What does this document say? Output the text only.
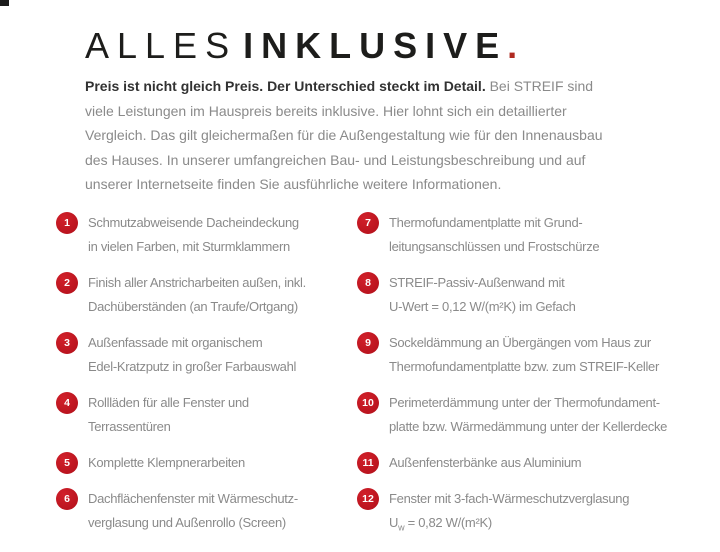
ALLES INKLUSIVE.

Preis ist nicht gleich Preis. Der Unterschied steckt im Detail. Bei STREIF sind viele Leistungen im Hauspreis bereits inklusive. Hier lohnt sich ein detaillierter Vergleich. Das gilt gleichermaßen für die Außengestaltung wie für den Innenausbau des Hauses. In unserer umfangreichen Bau- und Leistungsbeschreibung und auf unserer Internetseite finden Sie ausführliche weitere Informationen.

1	Schmutzabweisende Dacheindeckung
in vielen Farben, mit Sturmklammern
2	Finish aller Anstricharbeiten außen, inkl.
Dachüberständen (an Traufe/Ortgang)
3	Außenfassade mit organischem
Edel-Kratzputz in großer Farbauswahl
4	Rollläden für alle Fenster und
Terrassentüren
5	Komplette Klempnerarbeiten
6	Dachflächenfenster mit Wärmeschutz-
verglasung und Außenrollo (Screen)
7	Thermofundamentplatte mit Grund-
leitungsanschlüssen und Frostschürze
8	STREIF-Passiv-Außenwand mit
U-Wert = 0,12 W/(m²K) im Gefach
9	Sockeldämmung an Übergängen vom Haus zur
Thermofundamentplatte bzw. zum STREIF-Keller
10	Perimeterdämmung unter der Thermofundament-
platte bzw. Wärmedämmung unter der Kellerdecke
11	Außenfensterbänke aus Aluminium
12	Fenster mit 3-fach-Wärmeschutzverglasung
$U_w = 0,82$ W/(m²K)
